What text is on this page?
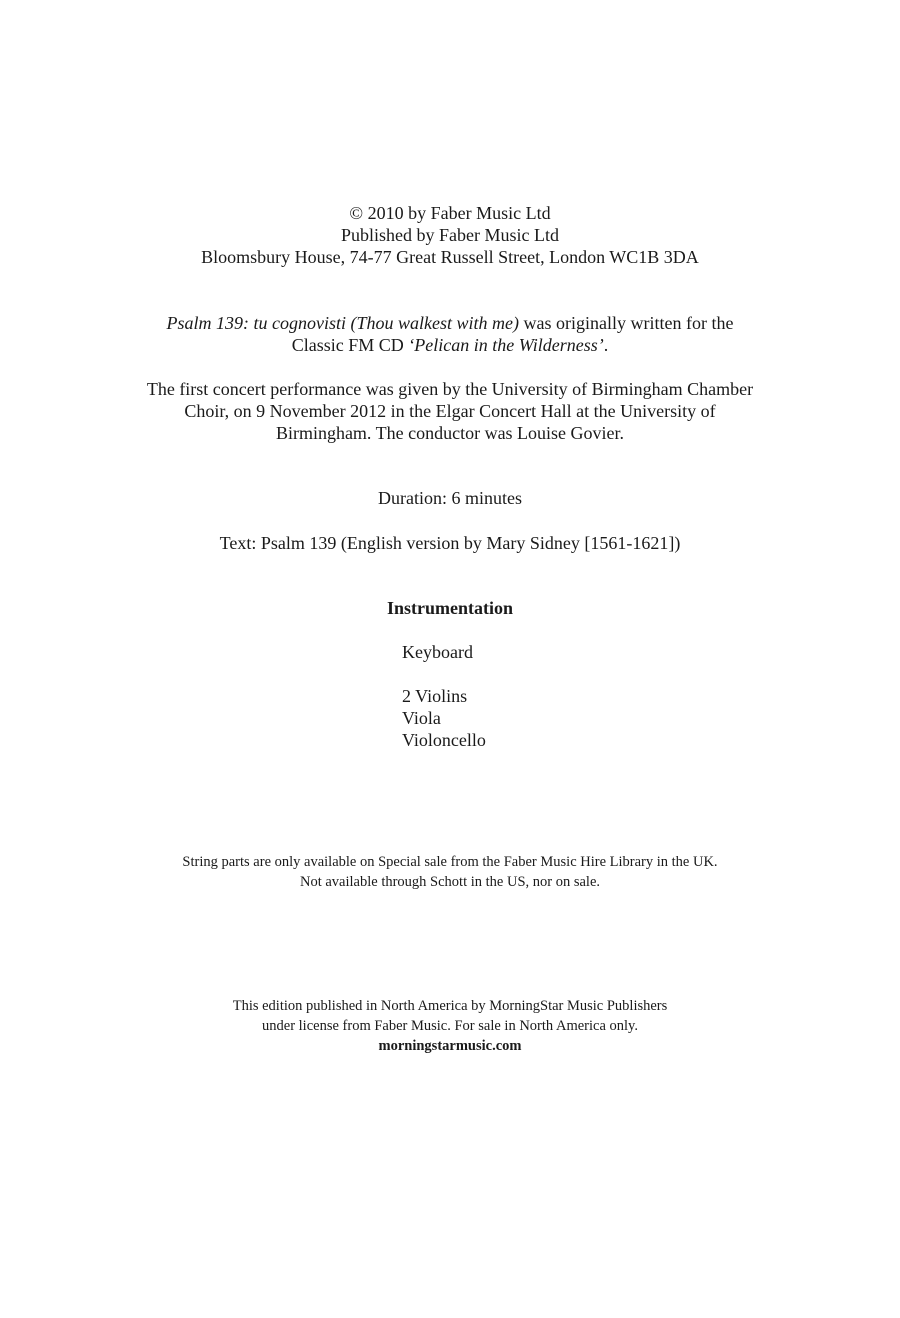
© 2010 by Faber Music Ltd
Published by Faber Music Ltd
Bloomsbury House, 74-77 Great Russell Street, London WC1B 3DA
Psalm 139: tu cognovisti (Thou walkest with me) was originally written for the
Classic FM CD ‘Pelican in the Wilderness’.
The first concert performance was given by the University of Birmingham Chamber
Choir, on 9 November 2012 in the Elgar Concert Hall at the University of
Birmingham. The conductor was Louise Govier.
Duration: 6 minutes
Text: Psalm 139 (English version by Mary Sidney [1561-1621])
Instrumentation
Keyboard
2 Violins
Viola
Violoncello
String parts are only available on Special sale from the Faber Music Hire Library in the UK.
Not available through Schott in the US, nor on sale.
This edition published in North America by MorningStar Music Publishers
under license from Faber Music. For sale in North America only.
morningstarmusic.com
